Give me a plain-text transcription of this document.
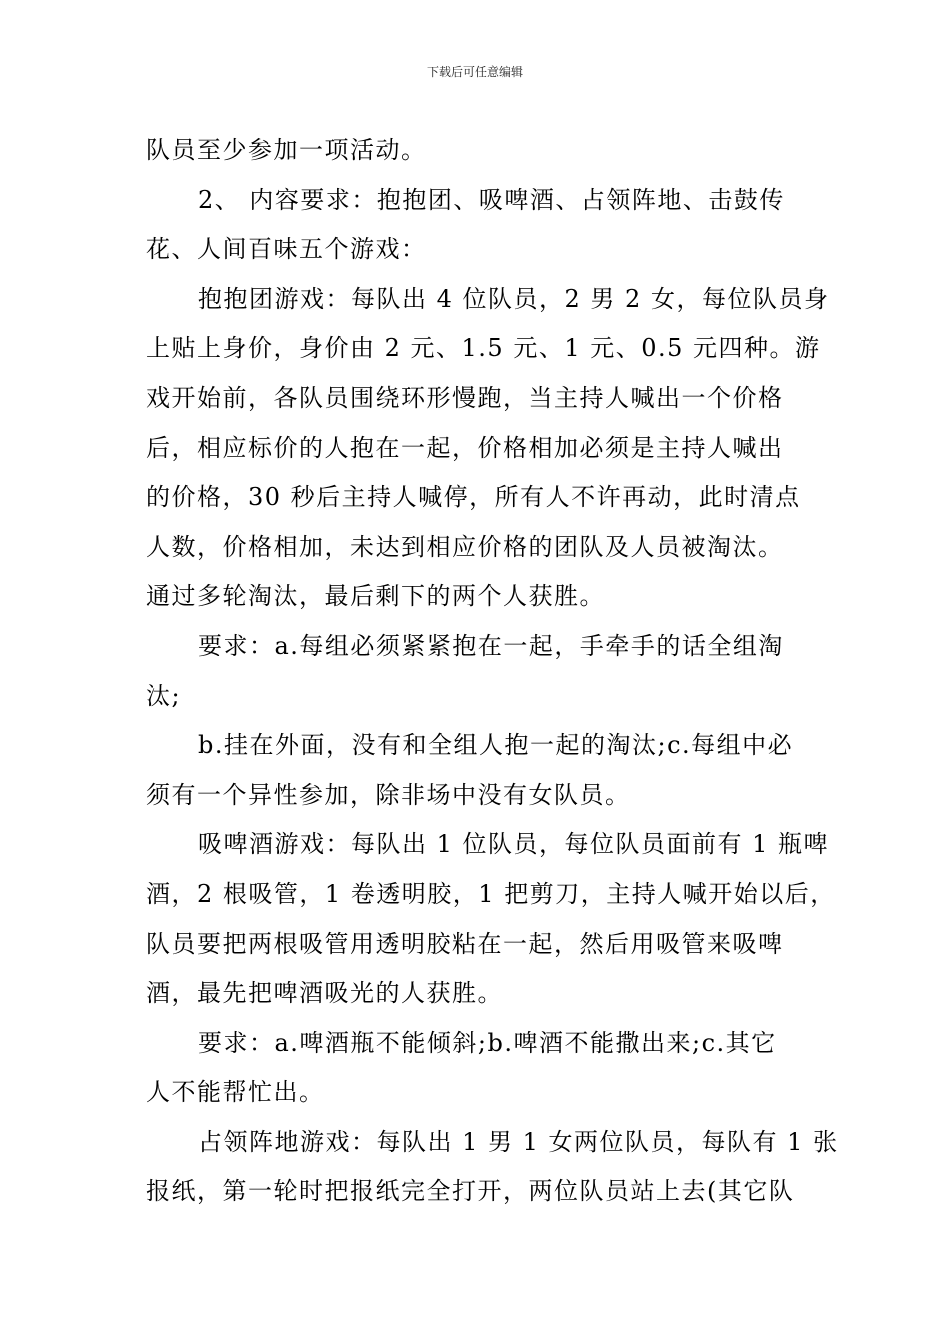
下载后可任意编辑
队员至少参加一项活动。
2、 内容要求：抱抱团、吸啤酒、占领阵地、击鼓传
花、人间百味五个游戏：
抱抱团游戏：每队出 4 位队员，2 男 2 女，每位队员身
上贴上身价，身价由 2 元、1.5 元、1 元、0.5 元四种。游
戏开始前，各队员围绕环形慢跑，当主持人喊出一个价格
后，相应标价的人抱在一起，价格相加必须是主持人喊出
的价格，30 秒后主持人喊停，所有人不许再动，此时清点
人数，价格相加，未达到相应价格的团队及人员被淘汰。
通过多轮淘汰，最后剩下的两个人获胜。
要求：a.每组必须紧紧抱在一起，手牵手的话全组淘
汰;
b.挂在外面，没有和全组人抱一起的淘汰;c.每组中必
须有一个异性参加，除非场中没有女队员。
吸啤酒游戏：每队出 1 位队员，每位队员面前有 1 瓶啤
酒，2 根吸管，1 卷透明胶，1 把剪刀，主持人喊开始以后，
队员要把两根吸管用透明胶粘在一起，然后用吸管来吸啤
酒，最先把啤酒吸光的人获胜。
要求：a.啤酒瓶不能倾斜;b.啤酒不能撒出来;c.其它
人不能帮忙出。
占领阵地游戏：每队出 1 男 1 女两位队员，每队有 1 张
报纸，第一轮时把报纸完全打开，两位队员站上去(其它队
